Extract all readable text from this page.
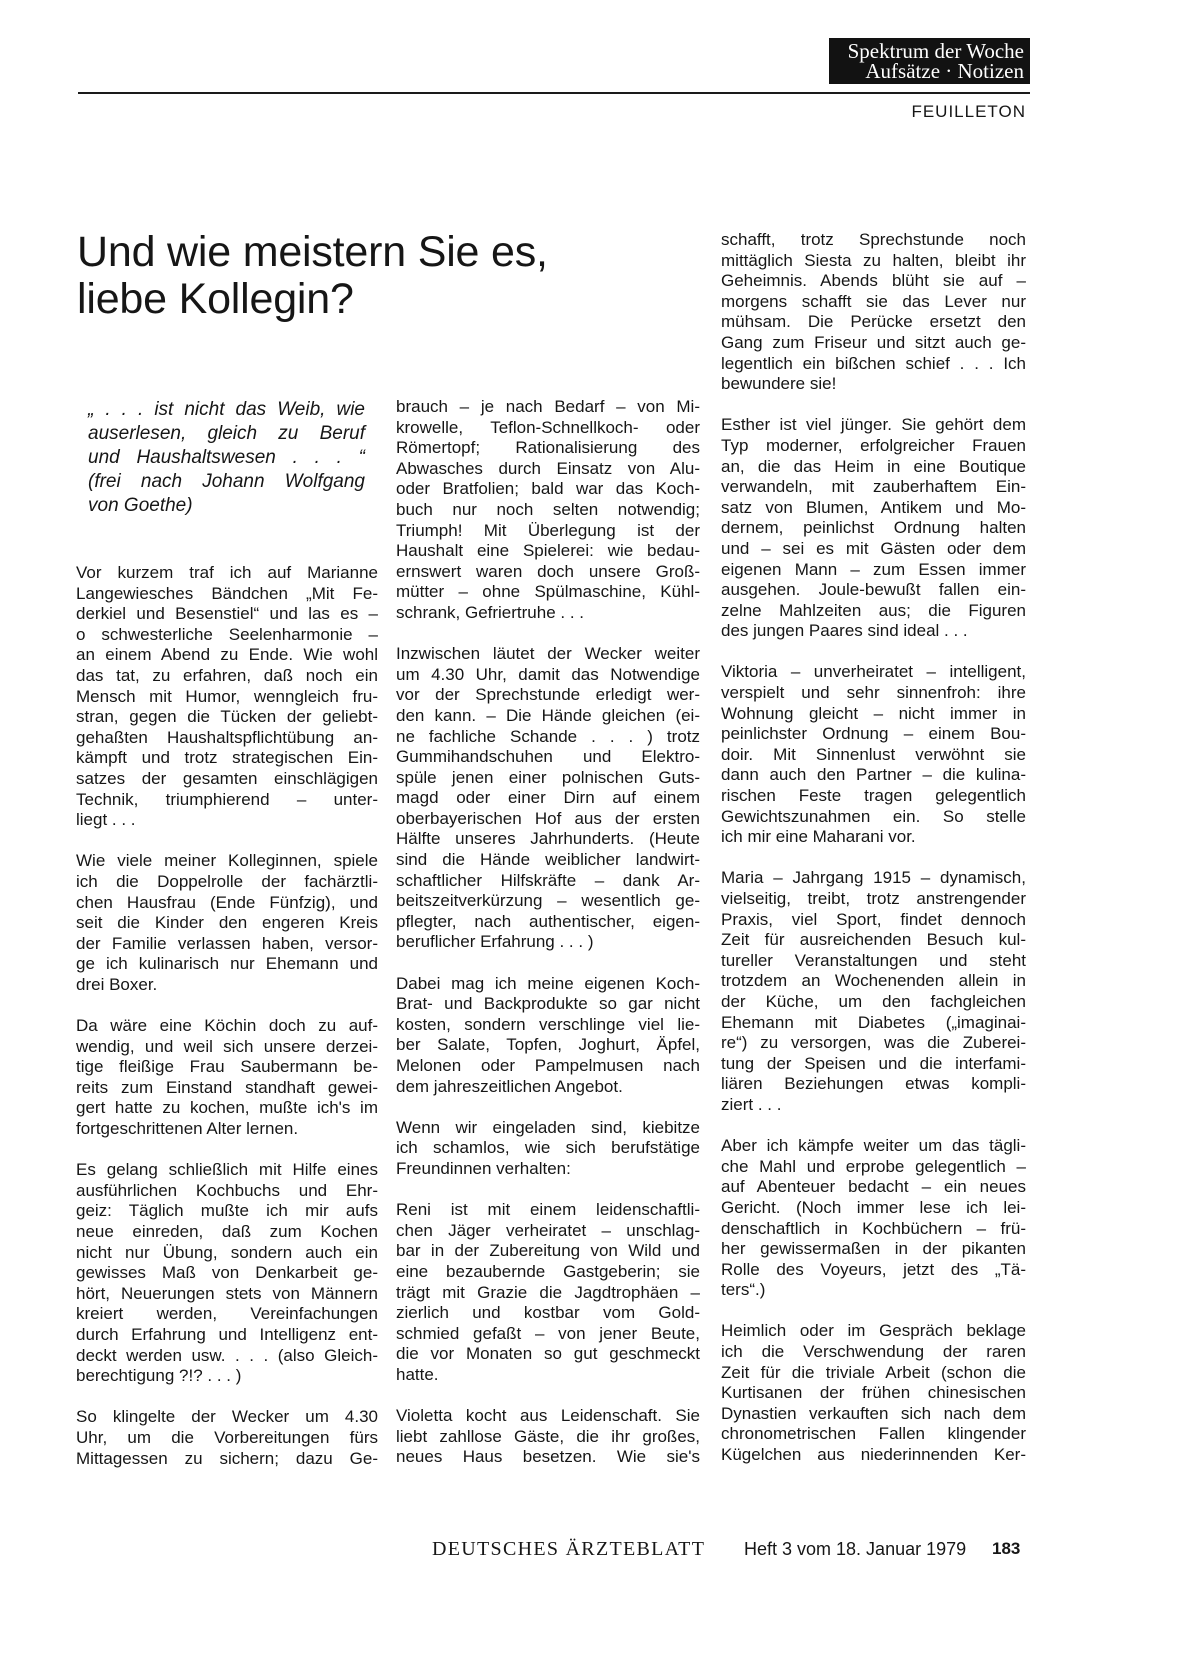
Spektrum der Woche
Aufsätze · Notizen
FEUILLETON
Und wie meistern Sie es,
liebe Kollegin?
„ . . . ist nicht das Weib, wie
auserlesen, gleich zu Beruf
und Haushaltswesen . . . “
(frei nach Johann Wolfgang
von Goethe)
Vor kurzem traf ich auf Marianne
Langewiesches Bändchen „Mit Fe-
derkiel und Besenstiel“ und las es –
o schwesterliche Seelenharmonie –
an einem Abend zu Ende. Wie wohl
das tat, zu erfahren, daß noch ein
Mensch mit Humor, wenngleich fru-
stran, gegen die Tücken der geliebt-
gehaßten Haushaltspflichtübung an-
kämpft und trotz strategischen Ein-
satzes der gesamten einschlägigen
Technik, triumphierend – unter-
liegt . . .
Wie viele meiner Kolleginnen, spiele
ich die Doppelrolle der fachärztli-
chen Hausfrau (Ende Fünfzig), und
seit die Kinder den engeren Kreis
der Familie verlassen haben, versor-
ge ich kulinarisch nur Ehemann und
drei Boxer.
Da wäre eine Köchin doch zu auf-
wendig, und weil sich unsere derzei-
tige fleißige Frau Saubermann be-
reits zum Einstand standhaft gewei-
gert hatte zu kochen, mußte ich's im
fortgeschrittenen Alter lernen.
Es gelang schließlich mit Hilfe eines
ausführlichen Kochbuchs und Ehr-
geiz: Täglich mußte ich mir aufs
neue einreden, daß zum Kochen
nicht nur Übung, sondern auch ein
gewisses Maß von Denkarbeit ge-
hört, Neuerungen stets von Männern
kreiert werden, Vereinfachungen
durch Erfahrung und Intelligenz ent-
deckt werden usw. . . . (also Gleich-
berechtigung ?!? . . . )
So klingelte der Wecker um 4.30
Uhr, um die Vorbereitungen fürs
Mittagessen zu sichern; dazu Ge-
brauch – je nach Bedarf – von Mi-
krowelle, Teflon-Schnellkoch- oder
Römertopf; Rationalisierung des
Abwasches durch Einsatz von Alu-
oder Bratfolien; bald war das Koch-
buch nur noch selten notwendig;
Triumph! Mit Überlegung ist der
Haushalt eine Spielerei: wie bedau-
ernswert waren doch unsere Groß-
mütter – ohne Spülmaschine, Kühl-
schrank, Gefriertruhe . . .
Inzwischen läutet der Wecker weiter
um 4.30 Uhr, damit das Notwendige
vor der Sprechstunde erledigt wer-
den kann. – Die Hände gleichen (ei-
ne fachliche Schande . . . ) trotz
Gummihandschuhen und Elektro-
spüle jenen einer polnischen Guts-
magd oder einer Dirn auf einem
oberbayerischen Hof aus der ersten
Hälfte unseres Jahrhunderts. (Heute
sind die Hände weiblicher landwirt-
schaftlicher Hilfskräfte – dank Ar-
beitszeitverkürzung – wesentlich ge-
pflegter, nach authentischer, eigen-
beruflicher Erfahrung . . . )
Dabei mag ich meine eigenen Koch-
Brat- und Backprodukte so gar nicht
kosten, sondern verschlinge viel lie-
ber Salate, Topfen, Joghurt, Äpfel,
Melonen oder Pampelmusen nach
dem jahreszeitlichen Angebot.
Wenn wir eingeladen sind, kiebitze
ich schamlos, wie sich berufstätige
Freundinnen verhalten:
Reni ist mit einem leidenschaftli-
chen Jäger verheiratet – unschlag-
bar in der Zubereitung von Wild und
eine bezaubernde Gastgeberin; sie
trägt mit Grazie die Jagdtrophäen –
zierlich und kostbar vom Gold-
schmied gefaßt – von jener Beute,
die vor Monaten so gut geschmeckt
hatte.
Violetta kocht aus Leidenschaft. Sie
liebt zahllose Gäste, die ihr großes,
neues Haus besetzen. Wie sie's
schafft, trotz Sprechstunde noch
mittäglich Siesta zu halten, bleibt ihr
Geheimnis. Abends blüht sie auf –
morgens schafft sie das Lever nur
mühsam. Die Perücke ersetzt den
Gang zum Friseur und sitzt auch ge-
legentlich ein bißchen schief . . . Ich
bewundere sie!
Esther ist viel jünger. Sie gehört dem
Typ moderner, erfolgreicher Frauen
an, die das Heim in eine Boutique
verwandeln, mit zauberhaftem Ein-
satz von Blumen, Antikem und Mo-
dernem, peinlichst Ordnung halten
und – sei es mit Gästen oder dem
eigenen Mann – zum Essen immer
ausgehen. Joule-bewußt fallen ein-
zelne Mahlzeiten aus; die Figuren
des jungen Paares sind ideal . . .
Viktoria – unverheiratet – intelligent,
verspielt und sehr sinnenfroh: ihre
Wohnung gleicht – nicht immer in
peinlichster Ordnung – einem Bou-
doir. Mit Sinnenlust verwöhnt sie
dann auch den Partner – die kulina-
rischen Feste tragen gelegentlich
Gewichtszunahmen ein. So stelle
ich mir eine Maharani vor.
Maria – Jahrgang 1915 – dynamisch,
vielseitig, treibt, trotz anstrengender
Praxis, viel Sport, findet dennoch
Zeit für ausreichenden Besuch kul-
tureller Veranstaltungen und steht
trotzdem an Wochenenden allein in
der Küche, um den fachgleichen
Ehemann mit Diabetes („imaginai-
re“) zu versorgen, was die Zuberei-
tung der Speisen und die interfami-
liären Beziehungen etwas kompli-
ziert . . .
Aber ich kämpfe weiter um das tägli-
che Mahl und erprobe gelegentlich –
auf Abenteuer bedacht – ein neues
Gericht. (Noch immer lese ich lei-
denschaftlich in Kochbüchern – frü-
her gewissermaßen in der pikanten
Rolle des Voyeurs, jetzt des „Tä-
ters“.)
Heimlich oder im Gespräch beklage
ich die Verschwendung der raren
Zeit für die triviale Arbeit (schon die
Kurtisanen der frühen chinesischen
Dynastien verkauften sich nach dem
chronometrischen Fallen klingender
Kügelchen aus niederinnenden Ker-
DEUTSCHES ÄRZTEBLATT Heft 3 vom 18. Januar 1979 183
